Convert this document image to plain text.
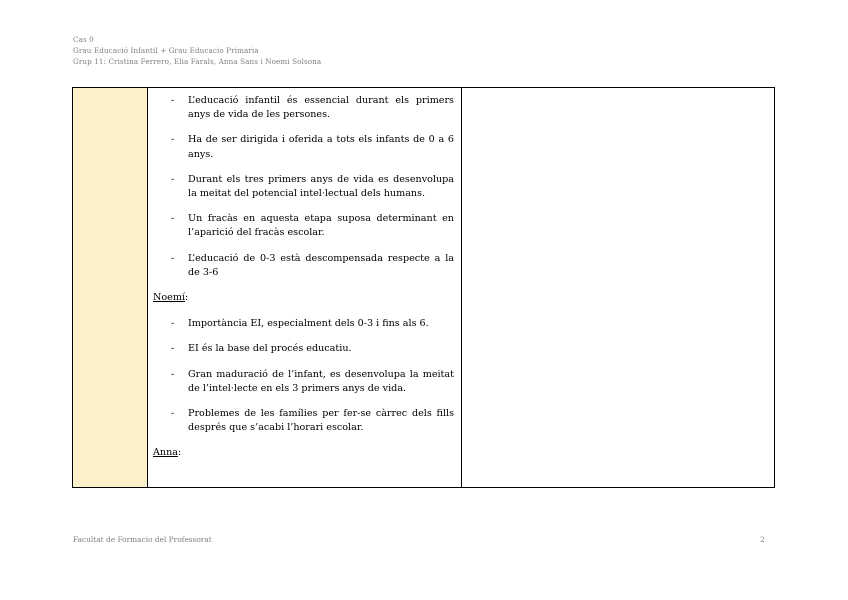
Cas 0
Grau Educació Infantil + Grau Educacio Primaria
Grup 11: Cristina Ferrero, Elia Farals, Anna Sans i Noemi Solsona
- L’educació infantil és essencial durant els primers anys de vida de les persones.
- Ha de ser dirigida i oferida a tots els infants de 0 a 6 anys.
- Durant els tres primers anys de vida es desenvolupa la meitat del potencial intel·lectual dels humans.
- Un fracàs en aquesta etapa suposa determinant en l’aparició del fracàs escolar.
- L’educació de 0-3 està descompensada respecte a la de 3-6
Noemí:
- Importància EI, especialment dels 0-3 i fins als 6.
- EI és la base del procés educatiu.
- Gran maduració de l’infant, es desenvolupa la meitat de l’intel·lecte en els 3 primers anys de vida.
- Problemes de les famílies per fer-se càrrec dels fills després que s’acabi l’horari escolar.
Anna:
Facultat de Formacio del Professorat	2
